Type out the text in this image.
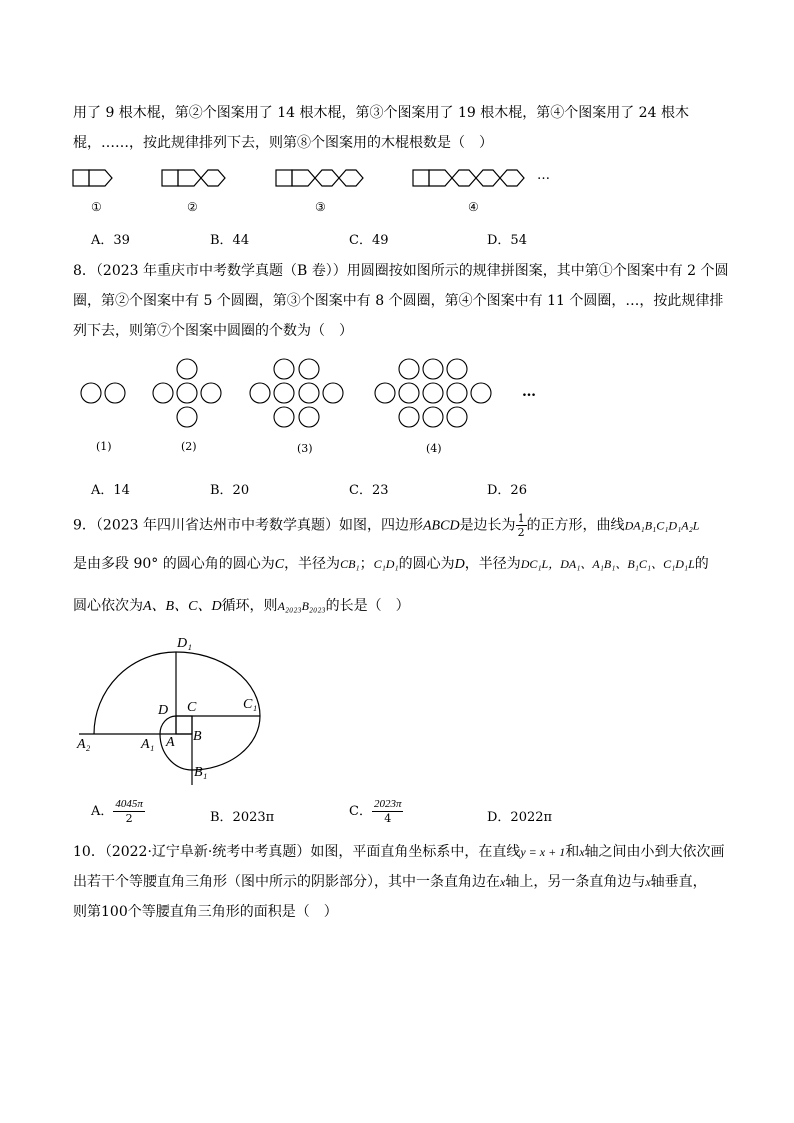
用了 9 根木棍，第②个图案用了 14 根木棍，第③个图案用了 19 根木棍，第④个图案用了 24 根木
棍，……，按此规律排列下去，则第⑧个图案用的木棍根数是（　）
…
①	②	③	④
A．39	B．44	C．49	D．54
8．（2023 年重庆市中考数学真题（B 卷））用圆圈按如图所示的规律拼图案，其中第①个图案中有 2 个圆
圈，第②个图案中有 5 个圆圈，第③个图案中有 8 个圆圈，第④个图案中有 11 个圆圈，…，按此规律排
列下去，则第⑦个图案中圆圈的个数为（　）
…
(1)	(2)	(3)	(4)
A．14	B．20	C．23	D．26
9．（2023 年四川省达州市中考数学真题）如图，四边形ABCD是边长为 $\frac{1}{2}$ 的正方形，曲线DA₁B₁C₁D₁A₂L
是由多段 90° 的圆心角的圆心为C，半径为CB₁；C₁D₁的圆心为D，半径为DC₁L，DA₁、A₁B₁、B₁C₁、C₁D₁L的
圆心依次为A、B、C、D循环，则A₂₀₂₃B₂₀₂₃的长是（　）
D₁
C₁
D C
A₂	A₁ A B
B₁
A． $\frac{4045\pi}{2}$	B．2023π	C． $\frac{2023\pi}{4}$	D．2022π
10．（2022·辽宁阜新·统考中考真题）如图，平面直角坐标系中，在直线y = x + 1和x轴之间由小到大依次画
出若干个等腰直角三角形（图中所示的阴影部分），其中一条直角边在x轴上，另一条直角边与x轴垂直，
则第100个等腰直角三角形的面积是（　）
